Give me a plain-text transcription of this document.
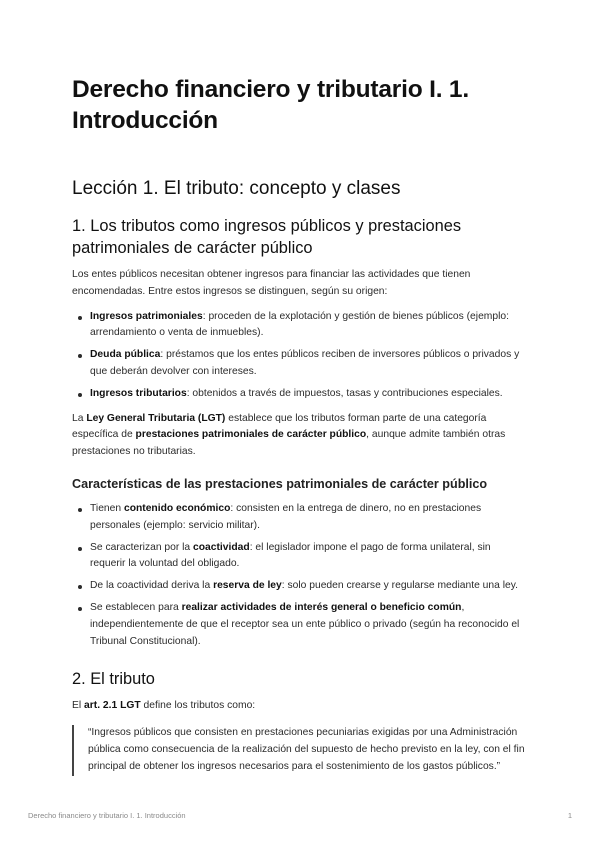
Derecho financiero y tributario I. 1. Introducción
Lección 1. El tributo: concepto y clases
1. Los tributos como ingresos públicos y prestaciones patrimoniales de carácter público

Los entes públicos necesitan obtener ingresos para financiar las actividades que tienen encomendadas. Entre estos ingresos se distinguen, según su origen:

Ingresos patrimoniales: proceden de la explotación y gestión de bienes públicos (ejemplo: arrendamiento o venta de inmuebles).
Deuda pública: préstamos que los entes públicos reciben de inversores públicos o privados y que deberán devolver con intereses.
Ingresos tributarios: obtenidos a través de impuestos, tasas y contribuciones especiales.

La Ley General Tributaria (LGT) establece que los tributos forman parte de una categoría específica de prestaciones patrimoniales de carácter público, aunque admite también otras prestaciones no tributarias.

Características de las prestaciones patrimoniales de carácter público
Tienen contenido económico: consisten en la entrega de dinero, no en prestaciones personales (ejemplo: servicio militar).
Se caracterizan por la coactividad: el legislador impone el pago de forma unilateral, sin requerir la voluntad del obligado.
De la coactividad deriva la reserva de ley: solo pueden crearse y regularse mediante una ley.
Se establecen para realizar actividades de interés general o beneficio común, independientemente de que el receptor sea un ente público o privado (según ha reconocido el Tribunal Constitucional).
2. El tributo

El art. 2.1 LGT define los tributos como:

“Ingresos públicos que consisten en prestaciones pecuniarias exigidas por una Administración pública como consecuencia de la realización del supuesto de hecho previsto en la ley, con el fin principal de obtener los ingresos necesarios para el sostenimiento de los gastos públicos.”
Derecho financiero y tributario I. 1. Introducción	1
